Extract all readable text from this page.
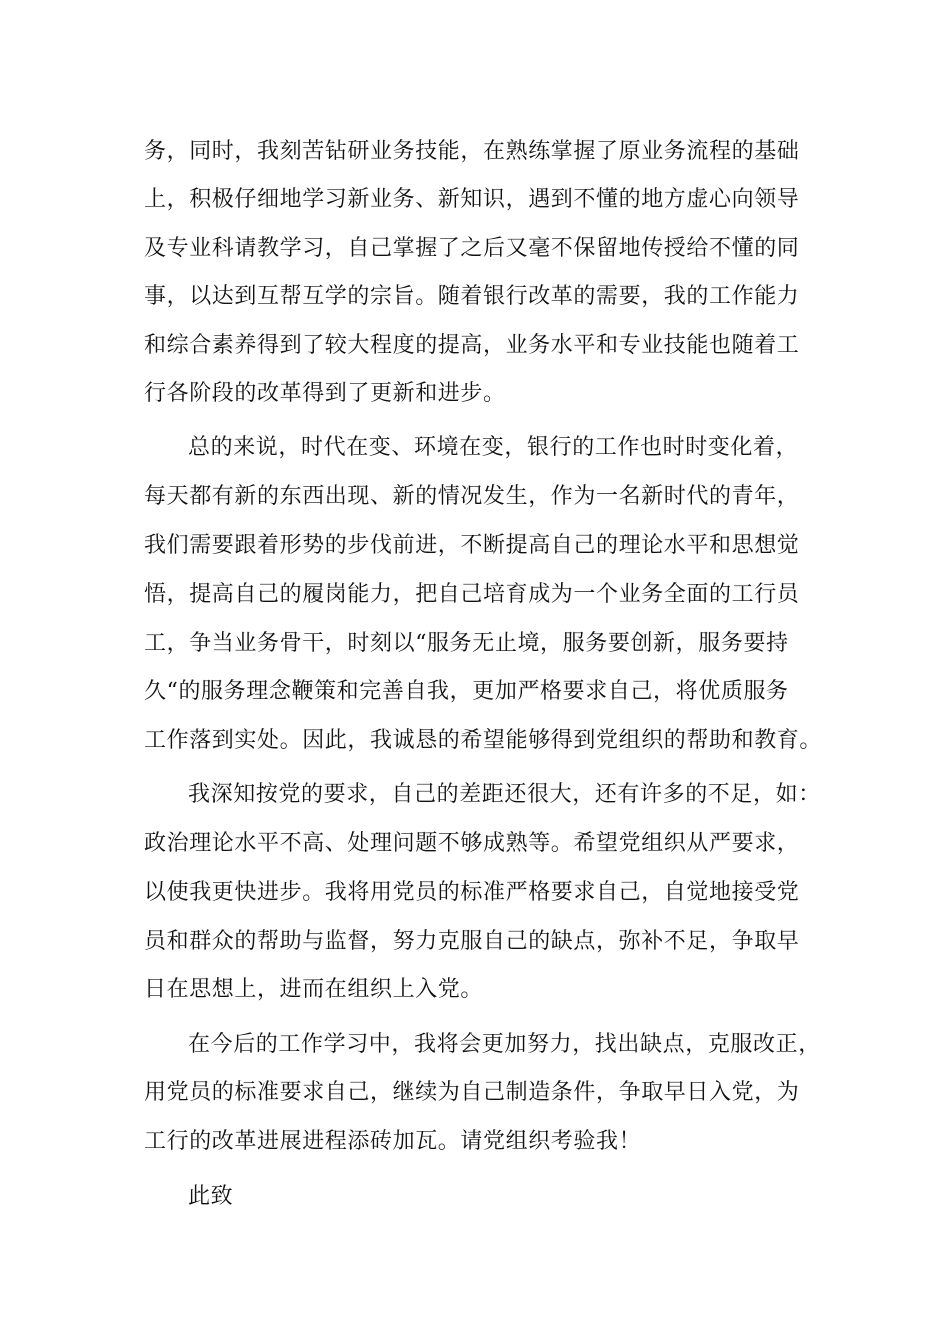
务，同时，我刻苦钻研业务技能，在熟练掌握了原业务流程的基础
上，积极仔细地学习新业务、新知识，遇到不懂的地方虚心向领导
及专业科请教学习，自己掌握了之后又毫不保留地传授给不懂的同
事，以达到互帮互学的宗旨。随着银行改革的需要，我的工作能力
和综合素养得到了较大程度的提高，业务水平和专业技能也随着工
行各阶段的改革得到了更新和进步。
总的来说，时代在变、环境在变，银行的工作也时时变化着，
每天都有新的东西出现、新的情况发生，作为一名新时代的青年，
我们需要跟着形势的步伐前进，不断提高自己的理论水平和思想觉
悟，提高自己的履岗能力，把自己培育成为一个业务全面的工行员
工，争当业务骨干，时刻以“服务无止境，服务要创新，服务要持
久“的服务理念鞭策和完善自我，更加严格要求自己，将优质服务
工作落到实处。因此，我诚恳的希望能够得到党组织的帮助和教育。
我深知按党的要求，自己的差距还很大，还有许多的不足，如：
政治理论水平不高、处理问题不够成熟等。希望党组织从严要求，
以使我更快进步。我将用党员的标准严格要求自己，自觉地接受党
员和群众的帮助与监督，努力克服自己的缺点，弥补不足，争取早
日在思想上，进而在组织上入党。
在今后的工作学习中，我将会更加努力，找出缺点，克服改正，
用党员的标准要求自己，继续为自己制造条件，争取早日入党，为
工行的改革进展进程添砖加瓦。请党组织考验我！
此致
